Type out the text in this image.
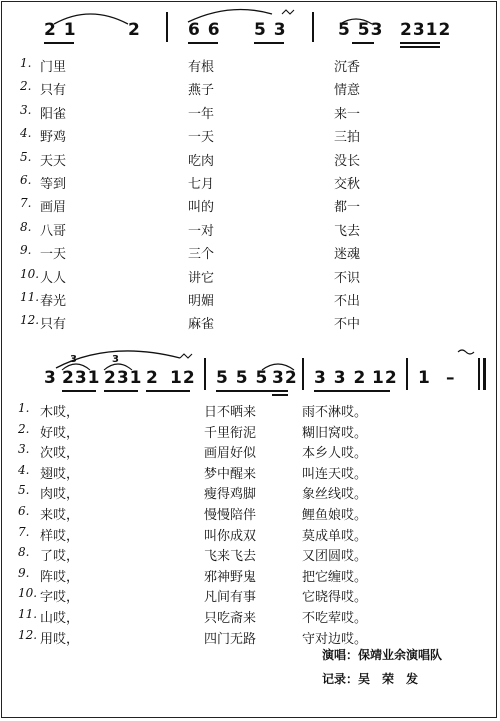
2 1	2	6 6 5 3	5 53 2312
1. 门里	有根	沉香
2. 只有	燕子	情意
3. 阳雀	一年	来一
4. 野鸡	一天	三拍
5. 天天	吃肉	没长
6. 等到	七月	交秋
7. 画眉	叫的	都一
8. 八哥	一对	飞去
9. 一天	三个	迷魂
10. 人人	讲它	不识
11. 春光	明媚	不出
12. 只有	麻雀	不中
3 231 231 2 12 5 5 5 32 3 3 2 12 1 –
3	3
1. 木哎，	日不晒来	雨不淋哎。
2. 好哎，	千里衔泥	糊旧窝哎。
3. 次哎，	画眉好似	本乡人哎。
4. 翅哎，	梦中醒来	叫连天哎。
5. 肉哎，	瘦得鸡脚	象丝线哎。
6. 来哎，	慢慢陪伴	鲤鱼娘哎。
7. 样哎，	叫你成双	莫成单哎。
8. 了哎，	飞来飞去	又团圆哎。
9. 阵哎，	邪神野鬼	把它缠哎。
10. 字哎，	凡间有事	它晓得哎。
11. 山哎，	只吃斋来	不吃荤哎。
12. 用哎，	四门无路	守对边哎。
演唱：保靖业余演唱队
记录：吴　荣　发
